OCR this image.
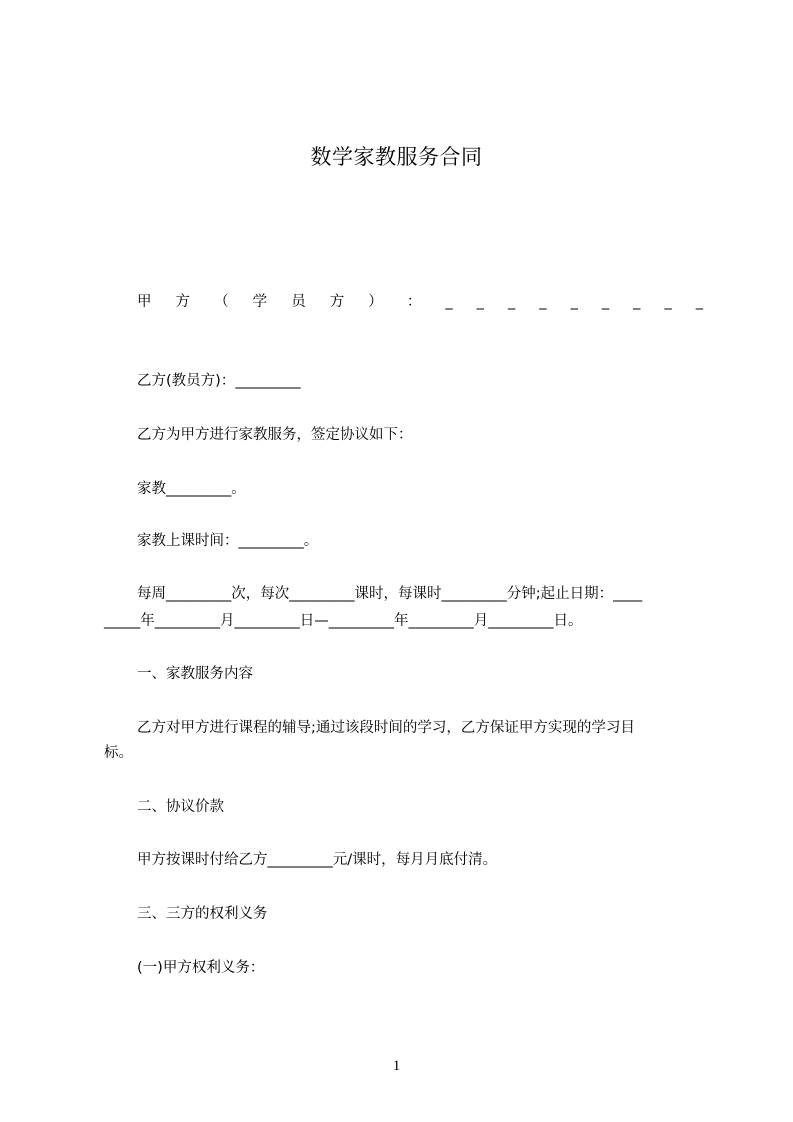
数学家教服务合同
甲 方 （ 学 员 方 ） ： _ _ _ _ _ _ _ _ _
乙方(教员方)：_________
乙方为甲方进行家教服务，签定协议如下：
家教_________。
家教上课时间：_________。
每周_________次，每次_________课时，每课时_________分钟;起止日期：____
_____年_________月_________日—_________年_________月_________日。
一、家教服务内容
乙方对甲方进行课程的辅导;通过该段时间的学习，乙方保证甲方实现的学习目
标。
二、协议价款
甲方按课时付给乙方_________元/课时，每月月底付清。
三、三方的权利义务
(一)甲方权利义务：
1
